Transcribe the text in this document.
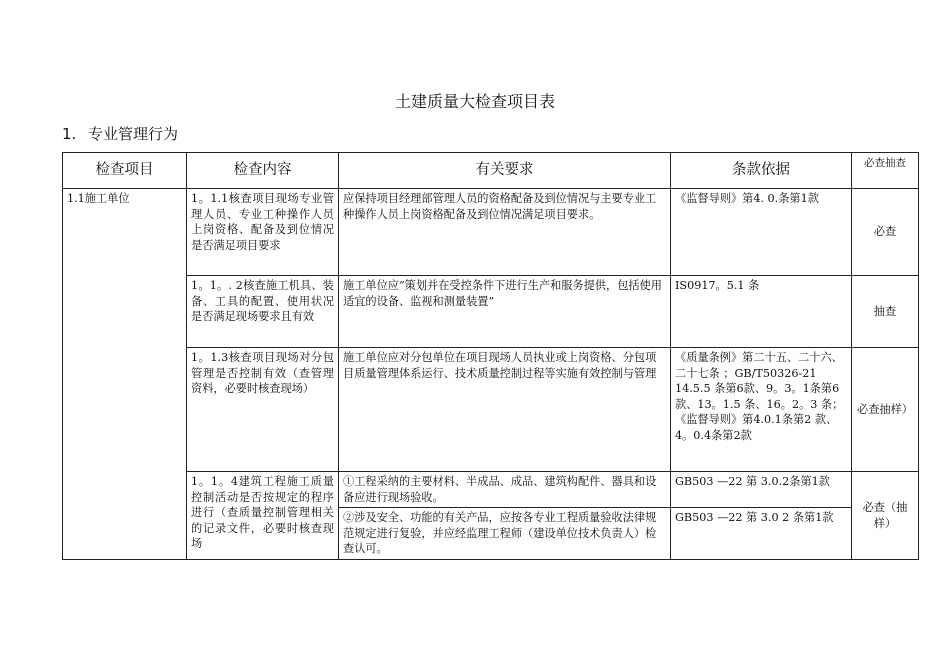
土建质量大检查项目表
1. 专业管理行为
检查项目	检查内容	有关要求	条款依据	必查抽查
1.1施工单位	1。1.1核查项目现场专业管理人员、专业工种操作人员上岗资格、配备及到位情况是否满足项目要求	应保持项目经理部管理人员的资格配备及到位情况与主要专业工种操作人员上岗资格配备及到位情况满足项目要求。	《监督导则》第4. 0.条第1款	必查
	1。1。. 2核查施工机具、装备、工具的配置、使用状况是否满足现场要求且有效	施工单位应“策划并在受控条件下进行生产和服务提供，包括使用适宜的设备、监视和测量装置”	IS0917。5.1 条	抽查
	1。1.3核查项目现场对分包管理是否控制有效（查管理资料，必要时核查现场）	施工单位应对分包单位在项目现场人员执业或上岗资格、分包项目质量管理体系运行、技术质量控制过程等实施有效控制与管理	《质量条例》第二十五、二十六、 二十七条 ；GB/T50326-21 14.5.5 条第6款、9。3。1条第6款、13。1.5 条、16。2。3 条；《监督导则》第4.0.1条第2 款、4。0.4条第2款	必查抽样）
	1。1。4建筑工程施工质量控制活动是否按规定的程序进行（查质量控制管理相关的记录文件，必要时核查现场	①工程采纳的主要材料、半成品、成品、建筑构配件、器具和设备应进行现场验收。	GB503 —22 第 3.0.2条第1款	必查（抽样）
		②涉及安全、功能的有关产品，应按各专业工程质量验收法律规范规定进行复验，并应经监理工程师（建设单位技术负责人）检查认可。	GB503 —22 第 3.0 2 条第1款	
